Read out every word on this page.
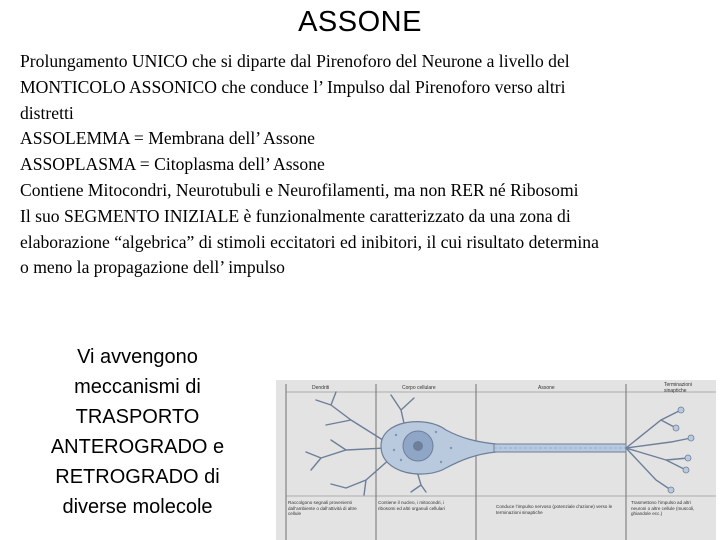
ASSONE
Prolungamento UNICO che si diparte dal Pirenoforo del Neurone a livello del
MONTICOLO ASSONICO che conduce l’ Impulso dal Pirenoforo verso altri
distretti
ASSOLEMMA = Membrana dell’ Assone
ASSOPLASMA = Citoplasma dell’ Assone
Contiene Mitocondri, Neurotubuli e Neurofilamenti, ma non RER né Ribosomi
Il suo SEGMENTO INIZIALE è funzionalmente caratterizzato da una zona di
elaborazione “algebrica” di stimoli eccitatori ed inibitori, il cui risultato determina
o meno la propagazione dell’ impulso
Vi avvengono
meccanismi di
TRASPORTO
ANTEROGRADO e
RETROGRADO di
diverse molecole
Dendriti	Corpo cellulare	Assone	Terminazioni sinaptiche
Raccolgono segnali provenienti dall’ambiente o dall’attività di altre cellule
Contiene il nucleo, i mitocondri, i ribosomi ed altri organuli cellulari	Conduce l’impulso nervoso (potenziale d’azione) verso le terminazioni sinaptiche
Trasmettono l’impulso ad altri neuroni o altre cellule (muscoli, ghiandole ecc.)
